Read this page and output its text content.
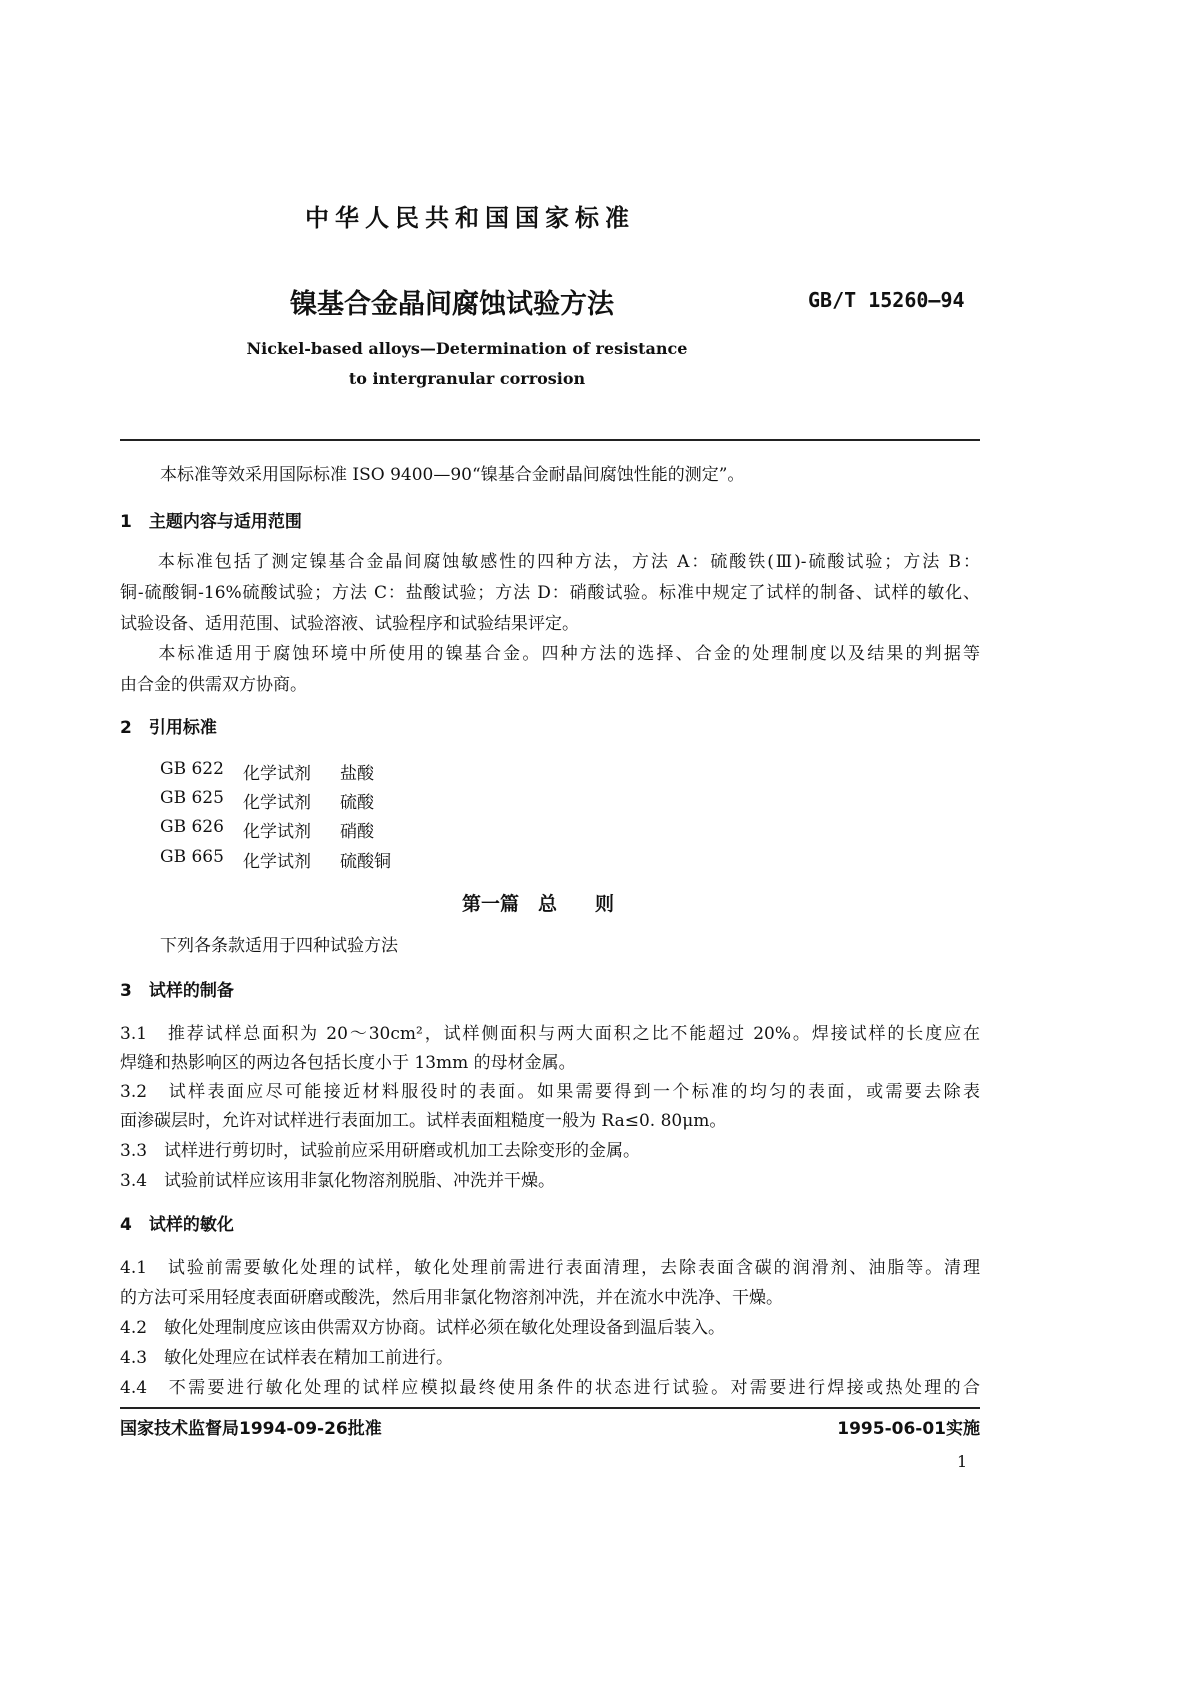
中华人民共和国国家标准
镍基合金晶间腐蚀试验方法	GB/T 15260—94
Nickel-based alloys—Determination of resistance
to intergranular corrosion
本标准等效采用国际标准 ISO 9400—90“镍基合金耐晶间腐蚀性能的测定”。
1　主题内容与适用范围
　　本标准包括了测定镍基合金晶间腐蚀敏感性的四种方法，方法 A：硫酸铁(Ⅲ)-硫酸试验；方法 B：
铜-硫酸铜-16%硫酸试验；方法 C：盐酸试验；方法 D：硝酸试验。标准中规定了试样的制备、试样的敏化、
试验设备、适用范围、试验溶液、试验程序和试验结果评定。
　　本标准适用于腐蚀环境中所使用的镍基合金。四种方法的选择、合金的处理制度以及结果的判据等
由合金的供需双方协商。
2　引用标准
GB 622 化学试剂 盐酸
GB 625 化学试剂 硫酸
GB 626 化学试剂 硝酸
GB 665 化学试剂 硫酸铜
第一篇　总　　则
下列各条款适用于四种试验方法
3　试样的制备
3.1　推荐试样总面积为 20～30cm²，试样侧面积与两大面积之比不能超过 20%。焊接试样的长度应在
焊缝和热影响区的两边各包括长度小于 13mm 的母材金属。
3.2　试样表面应尽可能接近材料服役时的表面。如果需要得到一个标准的均匀的表面，或需要去除表
面渗碳层时，允许对试样进行表面加工。试样表面粗糙度一般为 Ra≤0. 80μm。
3.3　试样进行剪切时，试验前应采用研磨或机加工去除变形的金属。
3.4　试验前试样应该用非氯化物溶剂脱脂、冲洗并干燥。
4　试样的敏化
4.1　试验前需要敏化处理的试样，敏化处理前需进行表面清理，去除表面含碳的润滑剂、油脂等。清理
的方法可采用轻度表面研磨或酸洗，然后用非氯化物溶剂冲洗，并在流水中洗净、干燥。
4.2　敏化处理制度应该由供需双方协商。试样必须在敏化处理设备到温后装入。
4.3　敏化处理应在试样表在精加工前进行。
4.4　不需要进行敏化处理的试样应模拟最终使用条件的状态进行试验。对需要进行焊接或热处理的合
国家技术监督局1994-09-26批准	1995-06-01实施
1
